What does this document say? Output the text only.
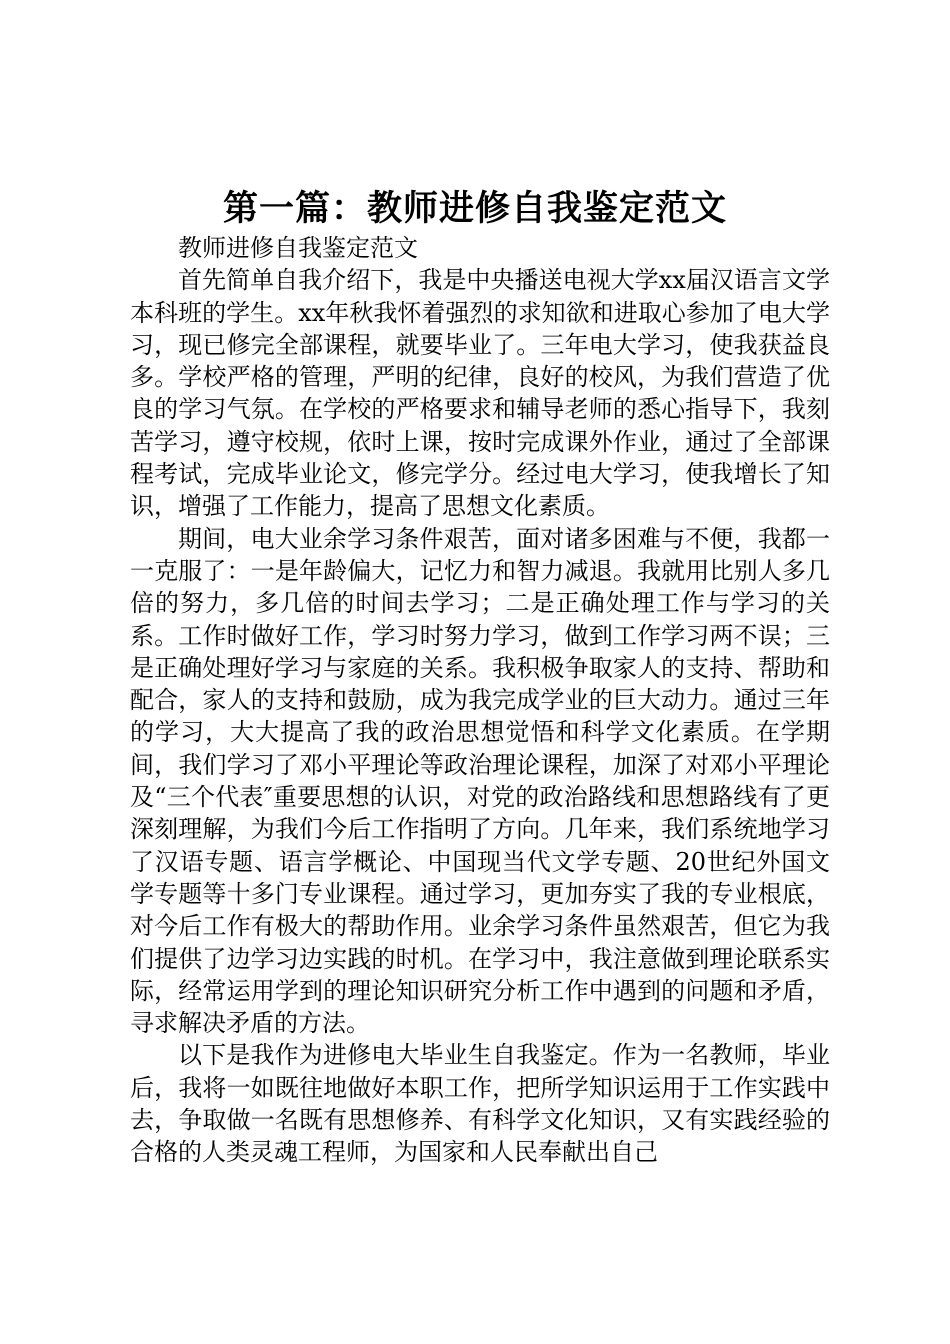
第一篇：教师进修自我鉴定范文

教师进修自我鉴定范文

首先简单自我介绍下，我是中央播送电视大学xx届汉语言文学本科班的学生。xx年秋我怀着强烈的求知欲和进取心参加了电大学习，现已修完全部课程，就要毕业了。三年电大学习，使我获益良多。学校严格的管理，严明的纪律，良好的校风，为我们营造了优良的学习气氛。在学校的严格要求和辅导老师的悉心指导下，我刻苦学习，遵守校规，依时上课，按时完成课外作业，通过了全部课程考试，完成毕业论文，修完学分。经过电大学习，使我增长了知识，增强了工作能力，提高了思想文化素质。

期间，电大业余学习条件艰苦，面对诸多困难与不便，我都一一克服了：一是年龄偏大，记忆力和智力减退。我就用比别人多几倍的努力，多几倍的时间去学习；二是正确处理工作与学习的关系。工作时做好工作，学习时努力学习，做到工作学习两不误；三是正确处理好学习与家庭的关系。我积极争取家人的支持、帮助和配合，家人的支持和鼓励，成为我完成学业的巨大动力。通过三年的学习，大大提高了我的政治思想觉悟和科学文化素质。在学期间，我们学习了邓小平理论等政治理论课程，加深了对邓小平理论及“三个代表″重要思想的认识，对党的政治路线和思想路线有了更深刻理解，为我们今后工作指明了方向。几年来，我们系统地学习了汉语专题、语言学概论、中国现当代文学专题、20世纪外国文学专题等十多门专业课程。通过学习，更加夯实了我的专业根底，对今后工作有极大的帮助作用。业余学习条件虽然艰苦，但它为我们提供了边学习边实践的时机。在学习中，我注意做到理论联系实际，经常运用学到的理论知识研究分析工作中遇到的问题和矛盾，寻求解决矛盾的方法。

以下是我作为进修电大毕业生自我鉴定。作为一名教师，毕业后，我将一如既往地做好本职工作，把所学知识运用于工作实践中去，争取做一名既有思想修养、有科学文化知识，又有实践经验的合格的人类灵魂工程师，为国家和人民奉献出自己
